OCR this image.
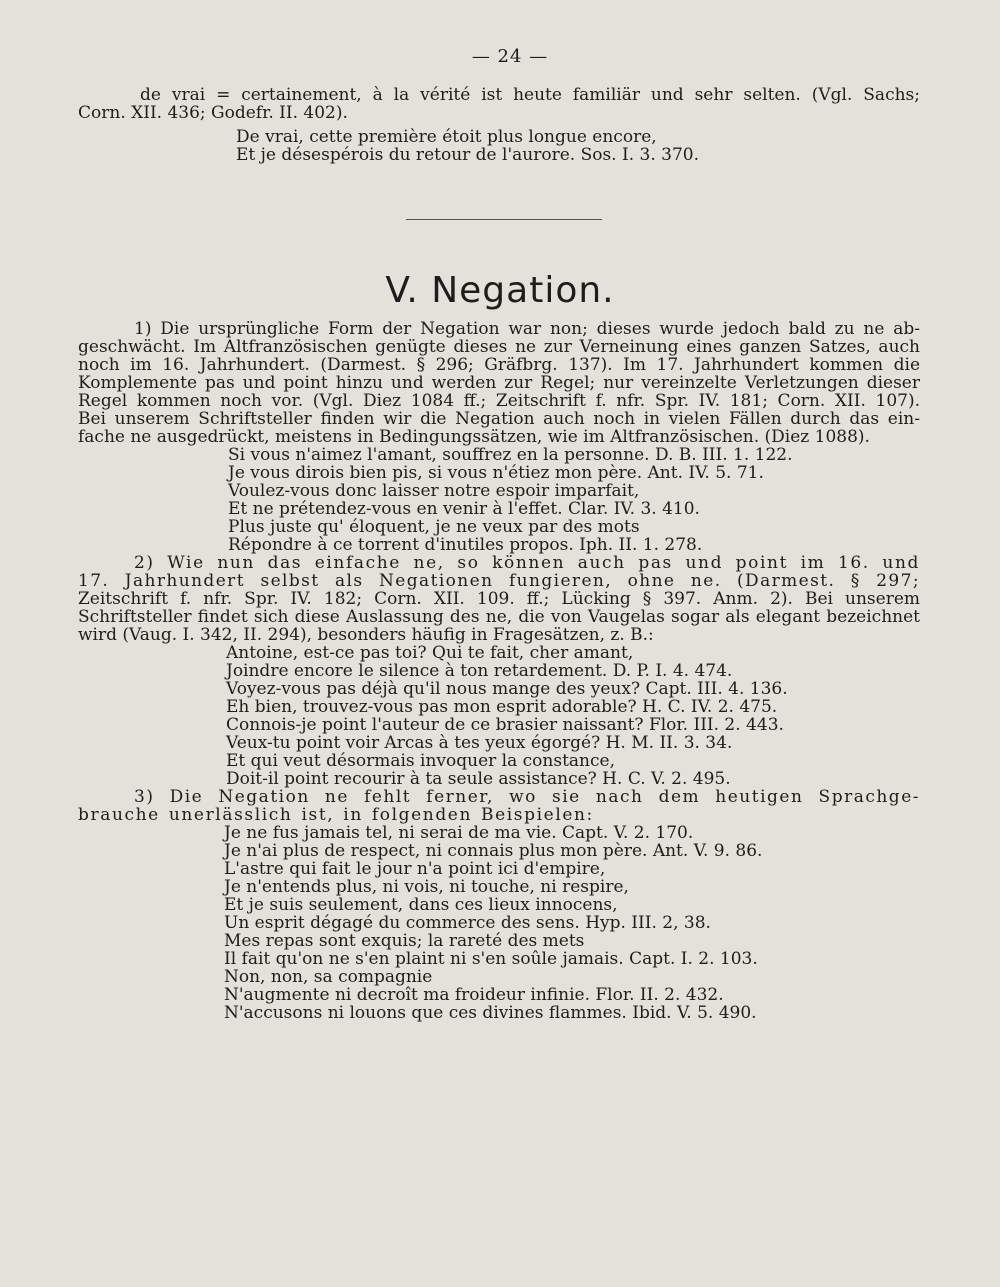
— 24 —
de vrai = certainement, à la vérité ist heute familiär und sehr selten. (Vgl. Sachs;
Corn. XII. 436; Godefr. II. 402).
De vrai, cette première étoit plus longue encore,
Et je désespérois du retour de l'aurore. Sos. I. 3. 370.
V. Negation.
1) Die ursprüngliche Form der Negation war non; dieses wurde jedoch bald zu ne ab-
geschwächt. Im Altfranzösischen genügte dieses ne zur Verneinung eines ganzen Satzes, auch
noch im 16. Jahrhundert. (Darmest. § 296; Gräfbrg. 137). Im 17. Jahrhundert kommen die
Komplemente pas und point hinzu und werden zur Regel; nur vereinzelte Verletzungen dieser
Regel kommen noch vor. (Vgl. Diez 1084 ff.; Zeitschrift f. nfr. Spr. IV. 181; Corn. XII. 107).
Bei unserem Schriftsteller finden wir die Negation auch noch in vielen Fällen durch das ein-
fache ne ausgedrückt, meistens in Bedingungssätzen, wie im Altfranzösischen. (Diez 1088).
Si vous n'aimez l'amant, souffrez en la personne. D. B. III. 1. 122.
Je vous dirois bien pis, si vous n'étiez mon père. Ant. IV. 5. 71.
Voulez-vous donc laisser notre espoir imparfait,
Et ne prétendez-vous en venir à l'effet. Clar. IV. 3. 410.
Plus juste qu' éloquent, je ne veux par des mots
Répondre à ce torrent d'inutiles propos. Iph. II. 1. 278.
2) Wie nun das einfache ne, so können auch pas und point im 16. und
17. Jahrhundert selbst als Negationen fungieren, ohne ne. (Darmest. § 297;
Zeitschrift f. nfr. Spr. IV. 182; Corn. XII. 109. ff.; Lücking § 397. Anm. 2). Bei unserem
Schriftsteller findet sich diese Auslassung des ne, die von Vaugelas sogar als elegant bezeichnet
wird (Vaug. I. 342, II. 294), besonders häufig in Fragesätzen, z. B.:
Antoine, est-ce pas toi? Qui te fait, cher amant,
Joindre encore le silence à ton retardement. D. P. I. 4. 474.
Voyez-vous pas déjà qu'il nous mange des yeux? Capt. III. 4. 136.
Eh bien, trouvez-vous pas mon esprit adorable? H. C. IV. 2. 475.
Connois-je point l'auteur de ce brasier naissant? Flor. III. 2. 443.
Veux-tu point voir Arcas à tes yeux égorgé? H. M. II. 3. 34.
Et qui veut désormais invoquer la constance,
Doit-il point recourir à ta seule assistance? H. C. V. 2. 495.
3) Die Negation ne fehlt ferner, wo sie nach dem heutigen Sprachge-
brauche unerlässlich ist, in folgenden Beispielen:
Je ne fus jamais tel, ni serai de ma vie. Capt. V. 2. 170.
Je n'ai plus de respect, ni connais plus mon père. Ant. V. 9. 86.
L'astre qui fait le jour n'a point ici d'empire,
Je n'entends plus, ni vois, ni touche, ni respire,
Et je suis seulement, dans ces lieux innocens,
Un esprit dégagé du commerce des sens. Hyp. III. 2, 38.
Mes repas sont exquis; la rareté des mets
Il fait qu'on ne s'en plaint ni s'en soûle jamais. Capt. I. 2. 103.
Non, non, sa compagnie
N'augmente ni decroît ma froideur infinie. Flor. II. 2. 432.
N'accusons ni louons que ces divines flammes. Ibid. V. 5. 490.
